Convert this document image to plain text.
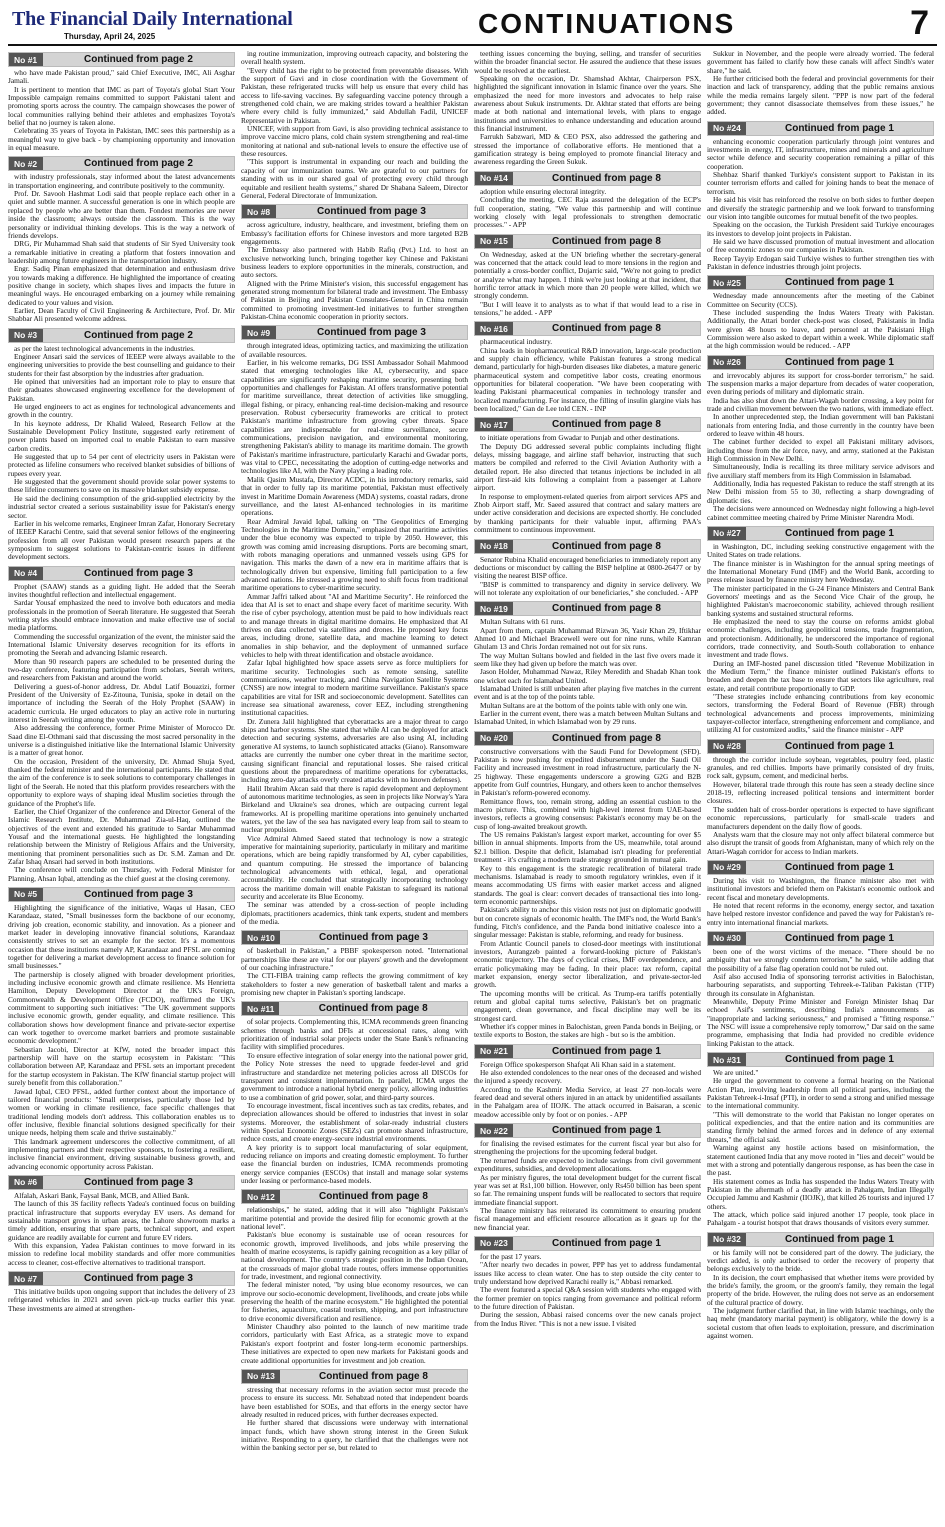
The Financial Daily International
Thursday, April 24, 2025	CONTINUATIONS	7
No #1	Continued from page 2

who have made Pakistan proud," said Chief Executive, IMC, Ali Asghar Jamali.

It is pertinent to mention that IMC as part of Toyota's global Start Your Impossible campaign remains committed to support Pakistani talent and promoting sports across the country. The campaign showcases the power of local communities rallying behind their athletes and emphasizes Toyota's belief that no journey is taken alone.

Celebrating 35 years of Toyota in Pakistan, IMC sees this partnership as a meaningful way to give back - by championing opportunity and innovation in equal measure.

No #2	Continued from page 2

with industry professionals, stay informed about the latest advancements in transportation engineering, and contribute positively to the community.

Prof. Dr. Savooh Hashmat Lodi said that people replace each other in a quiet and subtle manner. A successful generation is one in which people are replaced by people who are better than them. Fondest memories are never inside the classroom; always outside the classroom. This is the way personality or individual thinking develops. This is the way a network of friends develops.

DRG, Pir Muhammad Shah said that students of Sir Syed University took a remarkable initiative in creating a platform that fosters innovation and leadership among future engineers in the transportation industry.

Engr. Sadiq Pinan emphasized that determination and enthusiasm drive you towards making a difference. He highlighted the importance of creating positive change in society, which shapes lives and impacts the future in meaningful ways. He encouraged embarking on a journey while remaining dedicated to your values and vision.

Earlier, Dean Faculty of Civil Engineering & Architecture, Prof. Dr. Mir Shabbar Ali presented welcome address.

No #3	Continued from page 2

as per the latest technological advancements in the industries.

Engineer Ansari said the services of IEEEP were always available to the engineering universities to provide the best counselling and guidance to their students for their fast absorption by the industries after graduation.

He opined that universities had an important role to play to ensure that their graduates showcased engineering excellence for the development of Pakistan.

He urged engineers to act as engines for technological advancements and growth in the country.

In his keynote address, Dr Khalid Waleed, Research Fellow at the Sustainable Development Policy Institute, suggested early retirement of power plants based on imported coal to enable Pakistan to earn massive carbon credits.

He suggested that up to 54 per cent of electricity users in Pakistan were protected as lifeline consumers who received blanket subsidies of billions of rupees every year.

He suggested that the government should provide solar power systems to these lifeline consumers to save on its massive blanket subsidy expense.

He said the declining consumption of the grid-supplied electricity by the industrial sector created a serious sustainability issue for Pakistan's energy sector.

Earlier in his welcome remarks, Engineer Imran Zafar, Honorary Secretary of IEEEP Karachi Centre, said that several senior fellows of the engineering profession from all over Pakistan would present research papers at the symposium to suggest solutions to Pakistan-centric issues in different development sectors.

No #4	Continued from page 3

Prophet (SAAW) stands as a guiding light. He added that the Seerah invites thoughtful reflection and intellectual engagement.

Sardar Yousaf emphasized the need to involve both educators and media professionals in the promotion of Seerah literature. He suggested that Seerah writing styles should embrace innovation and make effective use of social media platforms.

Commending the successful organization of the event, the minister said the International Islamic University deserves recognition for its efforts in promoting the Seerah and advancing Islamic research.

More than 90 research papers are scheduled to be presented during the two-day conference, featuring participation from scholars, Seerah writers, and researchers from Pakistan and around the world.

Delivering a guest-of-honor address, Dr. Abdul Latif Bouazizi, former President of the University of Ez-Zitouna, Tunisia, spoke in detail on the importance of including the Seerah of the Holy Prophet (SAAW) in academic curricula. He urged educators to play an active role in nurturing interest in Seerah writing among the youth.

Also addressing the conference, former Prime Minister of Morocco Dr. Saad dine El-Othmani said that discussing the most sacred personality in the universe is a distinguished initiative like the International Islamic University is a matter of great honor.

On the occasion, President of the university, Dr. Ahmad Shuja Syed, thanked the federal minister and the international participants. He stated that the aim of the conference is to seek solutions to contemporary challenges in light of the Seerah. He noted that this platform provides researchers with the opportunity to explore ways of shaping ideal Muslim societies through the guidance of the Prophet's life.

Earlier, the Chief Organizer of the conference and Director General of the Islamic Research Institute, Dr. Muhammad Zia-ul-Haq, outlined the objectives of the event and extended his gratitude to Sardar Muhammad Yousaf and the international guests. He highlighted the longstanding relationship between the Ministry of Religious Affairs and the University, mentioning that prominent personalities such as Dr. S.M. Zaman and Dr. Zafar Ishaq Ansari had served in both institutions.

The conference will conclude on Thursday, with Federal Minister for Planning, Ahsan Iqbal, attending as the chief guest at the closing ceremony.

No #5	Continued from page 3

Highlighting the significance of the initiative, Waqas ul Hasan, CEO Karandaaz, stated, "Small businesses form the backbone of our economy, driving job creation, economic stability, and innovation. As a pioneer and market leader in developing innovative financial solutions, Karandaaz consistently strives to set an example for the sector. It's a momentous occasion that these institutions namely AP, Karandaaz and PFSL are coming together for delivering a market development access to finance solution for small businesses."

The partnership is closely aligned with broader development priorities, including inclusive economic growth and climate resilience. Ms Henrietta Hamilton, Deputy Development Director at the UK's Foreign, Commonwealth & Development Office (FCDO), reaffirmed the UK's commitment to supporting such initiatives: "The UK government supports inclusive economic growth, gender equality, and climate resilience. This collaboration shows how development finance and private-sector expertise can work together to overcome market barriers and promote sustainable economic development."

Sebastian Jacobi, Director at KfW, noted the broader impact this partnership will have on the startup ecosystem in Pakistan: "This collaboration between AP, Karandaaz and PFSL sets an important precedent for the startup ecosystem in Pakistan. The KfW financial startup project will surely benefit from this collaboration."

Jawad Iqbal, CEO PFSL, added further context about the importance of tailored financial products: "Small enterprises, particularly those led by women or working in climate resilience, face specific challenges that traditional lending models don't address. This collaboration enables us to offer inclusive, flexible financial solutions designed specifically for their unique needs, helping them scale and thrive sustainably."

This landmark agreement underscores the collective commitment, of all implementing partners and their respective sponsors, to fostering a resilient, inclusive financial environment, driving sustainable business growth, and advancing economic opportunity across Pakistan.

No #6	Continued from page 3

Alfalah, Askari Bank, Faysal Bank, MCB, and Allied Bank.

The launch of this 3S facility reflects Yadea's continued focus on building practical infrastructure that supports everyday EV users. As demand for sustainable transport grows in urban areas, the Lahore showroom marks a timely addition, ensuring that spare parts, technical support, and expert guidance are readily available for current and future EV riders.

With this expansion, Yadea Pakistan continues to move forward in its mission to redefine local mobility standards and offer more communities access to cleaner, cost-effective alternatives to traditional transport.

No #7	Continued from page 3

This initiative builds upon ongoing support that includes the delivery of 23 refrigerated vehicles in 2021 and seven pick-up trucks earlier this year. These investments are aimed at strengthen-

ing routine immunization, improving outreach capacity, and bolstering the overall health system.

"Every child has the right to be protected from preventable diseases. With the support of Gavi and in close coordination with the Government of Pakistan, these refrigerated trucks will help us ensure that every child has access to life-saving vaccines. By safeguarding vaccine potency through a strengthened cold chain, we are making strides toward a healthier Pakistan where every child is fully immunized," said Abdullah Fadil, UNICEF Representative in Pakistan.

UNICEF, with support from Gavi, is also providing technical assistance to improve vaccine micro plans, cold chain system strengthening and real-time monitoring at national and sub-national levels to ensure the effective use of these resources.

"This support is instrumental in expanding our reach and building the capacity of our immunization teams. We are grateful to our partners for standing with us in our shared goal of protecting every child through equitable and resilient health systems," shared Dr Shabana Saleem, Director General, Federal Directorate of Immunization.

No #8	Continued from page 3

across agriculture, industry, healthcare, and investment, briefing them on Embassy's facilitation efforts for Chinese investors and more targeted B2B engagements.

The Embassy also partnered with Habib Rafiq (Pvt.) Ltd. to host an exclusive networking lunch, bringing together key Chinese and Pakistani business leaders to explore opportunities in the minerals, construction, and auto sectors.

Aligned with the Prime Minister's vision, this successful engagement has generated strong momentum for bilateral trade and investment. The Embassy of Pakistan in Beijing and Pakistan Consulates-General in China remain committed to promoting investment-led initiatives to further strengthen Pakistan-China economic cooperation in priority sectors.

No #9	Continued from page 3

through integrated ideas, optimizing tactics, and maximizing the utilization of available resources.

Earlier, in his welcome remarks, DG ISSI Ambassador Sohail Mahmood stated that emerging technologies like AI, cybersecurity, and space capabilities are significantly reshaping maritime security, presenting both opportunities and challenges for Pakistan. AI offers transformative potential for maritime surveillance, threat detection of activities like smuggling, illegal fishing, or piracy, enhancing real-time decision-making and resource preservation. Robust cybersecurity frameworks are critical to protect Pakistan's maritime infrastructure from growing cyber threats. Space capabilities are indispensable for real-time surveillance, secure communications, precision navigation, and environmental monitoring, strengthening Pakistan's ability to manage its maritime domain. The growth of Pakistan's maritime infrastructure, particularly Karachi and Gwadar ports, was vital to CPEC, necessitating the adoption of cutting-edge networks and technologies like AI, with the Navy playing a leading role.

Malik Qasim Mustafa, Director ACDC, in his introductory remarks, said that in order to fully tap its maritime potential, Pakistan must effectively invest in Maritime Domain Awareness (MDA) systems, coastal radars, drone surveillance, and the latest AI-enhanced technologies in its maritime operations.

Rear Admiral Javaid Iqbal, talking on "The Geopolitics of Emerging Technologies in the Maritime Domain," emphasized that maritime activities under the blue economy was expected to triple by 2050. However, this growth was coming amid increasing disruptions. Ports are becoming smart, with robots managing operations and unmanned vessels using GPS for navigation. This marks the dawn of a new era in maritime affairs that is technologically driven but expensive, limiting full participation to a few advanced nations. He stressed a growing need to shift focus from traditional maritime operations to cyber-maritime security.

Ammar Jaffri talked about "AI and Maritime Security". He reinforced the idea that AI is set to enact and shape every facet of maritime security. With the rise of cyber psychology, attention must be paid to how individuals react to and manage threats in digital maritime domains. He emphasized that AI thrives on data collected via satellites and drones. He proposed key focus areas, including drone, satellite data, and machine learning to detect anomalies in ship behavior, and the deployment of unmanned surface vehicles to help with threat identification and obstacle avoidance.

Zafar Iqbal highlighted how space assets serve as force multipliers for maritime security. Technologies such as remote sensing, satellite communications, weather tracking, and China Navigation Satellite Systems (CNSS) are now integral to modern maritime surveillance. Pakistan's space capabilities are vital for ISR and socioeconomic development. Satellites can increase sea situational awareness, cover EEZ, including strengthening institutional capacities.

Dr. Zunera Jalil highlighted that cyberattacks are a major threat to cargo ships and harbor systems. She stated that while AI can be deployed for attack detection and securing systems, adversaries are also using AI, including generative AI systems, to launch sophisticated attacks (Giano). Ransomware attacks are currently the number one cyber threat in the maritime sector, causing significant financial and reputational losses. She raised critical questions about the preparedness of maritime operations for cyberattacks, including zero-day attacks overly created attacks with no known defenses).

Halil Ibrahim Akcan said that there is rapid development and deployment of autonomous maritime technologies, as seen in projects like Norway's Yara Birkeland and Ukraine's sea drones, which are outpacing current legal frameworks. AI is propelling maritime operations into genuinely uncharted waters, yet the law of the sea has navigated every leap from sail to steam to nuclear propulsion.

Vice Admiral Ahmed Saeed stated that technology is now a strategic imperative for maintaining superiority, particularly in military and maritime operations, which are being rapidly transformed by AI, cyber capabilities, and quantum computing. He stressed the importance of balancing technological advancements with ethical, legal, and operational accountability. He concluded that strategically incorporating technology across the maritime domain will enable Pakistan to safeguard its national security and accelerate its Blue Economy.

The seminar was attended by a cross-section of people including diplomats, practitioners academics, think tank experts, student and members of the media.

No #10	Continued from page 3

of basketball in Pakistan," a PBBF spokesperson noted. "International partnerships like these are vital for our players' growth and the development of our coaching infrastructure."

The CTI-FIBA training camp reflects the growing commitment of key stakeholders to foster a new generation of basketball talent and marks a promising new chapter in Pakistan's sporting landscape.

No #11	Continued from page 8

of solar projects. Complementing this, ICMA recommends green financing schemes through banks and DFIs at concessional rates, along with prioritization of industrial solar projects under the State Bank's refinancing facility with simplified procedures.

To ensure effective integration of solar energy into the national power grid, the Policy Note stresses the need to upgrade feeder-level and grid infrastructure and standardize net metering policies across all DISCOs for transparent and consistent implementation. In parallel, ICMA urges the government to introduce a national hybrid energy policy, allowing industries to use a combination of grid power, solar, and third-party sources.

To encourage investment, fiscal incentives such as tax credits, rebates, and depreciation allowances should be offered to industries that invest in solar systems. Moreover, the establishment of solar-ready industrial clusters within Special Economic Zones (SEZs) can promote shared infrastructure, reduce costs, and create energy-secure industrial environments.

A key priority is to support local manufacturing of solar equipment, reducing reliance on imports and creating domestic employment. To further ease the financial burden on industries, ICMA recommends promoting energy service companies (ESCOs) that install and manage solar systems under leasing or performance-based models.

No #12	Continued from page 8

relationships," he stated, adding that it will also "highlight Pakistan's maritime potential and provide the desired filip for economic growth at the national level".

Pakistan's blue economy is sustainable use of ocean resources for economic growth, improved livelihoods, and jobs while preserving the health of marine ecosystems, is rapidly gaining recognition as a key pillar of national development. The country's strategic position in the Indian Ocean, at the crossroads of major global trade routes, offers immense opportunities for trade, investment, and regional connectivity.

The federal minister noted, "by using blue economy resources, we can improve our socio-economic development, livelihoods, and create jobs while preserving the health of the marine ecosystem." He highlighted the potential for fisheries, aquaculture, coastal tourism, shipping, and port infrastructure to drive economic diversification and resilience.

Minister Chaudhry also pointed to the launch of new maritime trade corridors, particularly with East Africa, as a strategic move to expand Pakistan's export footprint and foster long-term economic partnerships. These initiatives are expected to open new markets for Pakistani goods and create additional opportunities for investment and job creation.

No #13	Continued from page 8

stressing that necessary reforms in the aviation sector must precede the process to ensure its success. Mr. Sehabzad noted that independent boards have been established for SOEs, and that efforts in the energy sector have already resulted in reduced prices, with further decreases expected.

He further shared that discussions were underway with international impact funds, which have shown strong interest in the Green Sukuk initiative. Responding to a query, he clarified that the challenges were not within the banking sector per se, but related to

teething issues concerning the buying, selling, and transfer of securities within the broader financial sector. He assured the audience that these issues would be resolved at the earliest.

Speaking on the occasion, Dr. Shamshad Akhtar, Chairperson PSX, highlighted the significant innovation in Islamic finance over the years. She emphasized the need for more investors and advocates to help raise awareness about Sukuk instruments. Dr. Akhtar stated that efforts are being made at both national and international levels, with plans to engage institutions and universities to enhance understanding and education around this financial instrument.

Farrukh Sabzwari, MD & CEO PSX, also addressed the gathering and stressed the importance of collaborative efforts. He mentioned that a gamification strategy is being employed to promote financial literacy and awareness regarding the Green Sukuk.

No #14	Continued from page 8

adoption while ensuring electoral integrity.

Concluding the meeting, CEC Raja assured the delegation of the ECP's full cooperation, stating, "We value this partnership and will continue working closely with legal professionals to strengthen democratic processes." - APP

No #15	Continued from page 8

On Wednesday, asked at the UN briefing whether the secretary-general was concerned that the attack could lead to more tensions in the region and potentially a cross-border conflict, Dujarric said, "We're not going to predict or analyze what may happen. I think we're just looking at that incident, that horrific terror attack in which more than 20 people were killed, which we strongly condemn.

"But I will leave it to analysts as to what if that would lead to a rise in tensions," he added. - APP

No #16	Continued from page 8

pharmaceutical industry.

China leads in biopharmaceutical R&D innovation, large-scale production and supply chain efficiency, while Pakistan features a strong medical demand, particularly for high-burden diseases like diabetes, a mature generic pharmaceutical system and competitive labor costs, creating enormous opportunities for bilateral cooperation. "We have been cooperating with leading Pakistani pharmaceutical companies in technology transfer and localized manufacturing. For instance, the filling of insulin glargine vials has been localized," Gan de Lee told CEN. - INP

No #17	Continued from page 8

to initiate operations from Gwadar to Punjab and other destinations.

The Deputy DG addressed several public complaints including flight delays, missing baggage, and airline staff behavior, instructing that such matters be compiled and referred to the Civil Aviation Authority with a detailed report. He also directed that tetanus injections be included in all airport first-aid kits following a complaint from a passenger at Lahore airport.

In response to employment-related queries from airport services APS and Zhob Airport staff, Mr. Saeed assured that contract and salary matters are under active consideration and decisions are expected shortly. He concluded by thanking participants for their valuable input, affirming PAA's commitment to continuous improvement.

No #18	Continued from page 8

Senator Rubina Khalid encouraged beneficiaries to immediately report any deductions or misconduct by calling the BISP helpline at 0800-26477 or by visiting the nearest BISP office.

"BISP is committed to transparency and dignity in service delivery. We will not tolerate any exploitation of our beneficiaries," she concluded. - APP

No #19	Continued from page 8

Multan Sultans with 61 runs.

Apart from them, captain Muhammad Rizwan 36, Yasir Khan 29, Iftikhar Ahmed 10 and Michael Bracewell were out for nine runs, while Kamran Ghulam 13 and Chris Jordan remained not out for six runs.

The way Multan Sultans bowled and fielded in the last five overs made it seem like they had given up before the match was over.

Jason Holder, Muhammad Nawaz, Riley Meredith and Shadab Khan took one wicket each for Islamabad United.

Islamabad United is still unbeaten after playing five matches in the current event and is at the top of the points table.

Multan Sultans are at the bottom of the points table with only one win.

Earlier in the current event, there was a match between Multan Sultans and Islamabad United, in which Islamabad won by 29 runs.

No #20	Continued from page 8

constructive conversations with the Saudi Fund for Development (SFD). Pakistan is now pushing for expedited disbursement under the Saudi Oil Facility and increased investment in road infrastructure, particularly the N-25 highway. These engagements underscore a growing G2G and B2B appetite from Gulf countries, Hungary, and others keen to anchor themselves in Pakistan's reform-powered economy.

Remittance flows, too, remain strong, adding an essential cushion to the macro picture. This, combined with high-level interest from UAE-based investors, reflects a growing consensus: Pakistan's economy may be on the cusp of long-awaited breakout growth.

The US remains Pakistan's largest export market, accounting for over $5 billion in annual shipments. Imports from the US, meanwhile, total around $2.1 billion. Despite that deficit, Islamabad isn't pleading for preferential treatment - it's crafting a modern trade strategy grounded in mutual gain.

Key to this engagement is the strategic recalibration of bilateral trade mechanisms. Islamabad is ready to smooth regulatory wrinkles, even if it means accommodating US firms with easier market access and aligned standards. The goal is clear: convert decades of transactional ties into long-term economic partnerships.

Pakistan's ability to anchor this vision rests not just on diplomatic goodwill but on concrete signals of economic health. The IMF's nod, the World Bank's funding, Fitch's confidence, and the Panda bond initiative coalesce into a singular message: Pakistan is stable, reforming, and ready for business.

From Atlantic Council panels to closed-door meetings with institutional investors, Aurangzeb painted a forward-looking picture of Pakistan's economic trajectory. The days of cyclical crises, IMF overdependence, and erratic policymaking may be fading. In their place: tax reform, capital market expansion, energy sector liberalization, and private-sector-led growth.

The upcoming months will be critical. As Trump-era tariffs potentially return and global capital turns selective, Pakistan's bet on pragmatic engagement, clean governance, and fiscal discipline may well be its strongest card.

Whether it's copper mines in Balochistan, green Panda bonds in Beijing, or textile exports to Boston, the stakes are high - but so is the ambition.

No #21	Continued from page 1

Foreign Office spokesperson Shafqat Ali Khan said in a statement.

He also extended condolences to the near ones of the deceased and wished the injured a speedy recovery.

According to the Kashmir Media Service, at least 27 non-locals were feared dead and several others injured in an attack by unidentified assailants in the Pahalgam area of IIOJK. The attack occurred in Baisaran, a scenic meadow accessible only by foot or on ponies. - APP

No #22	Continued from page 1

for finalising the revised estimates for the current fiscal year but also for strengthening the projections for the upcoming federal budget.

The returned funds are expected to include savings from civil government expenditures, subsidies, and development allocations.

As per ministry figures, the total development budget for the current fiscal year was set at Rs1,100 billion. However, only Rs450 billion has been spent so far. The remaining unspent funds will be reallocated to sectors that require immediate financial support.

The finance ministry has reiterated its commitment to ensuring prudent fiscal management and efficient resource allocation as it gears up for the new financial year.

No #23	Continued from page 1

for the past 17 years.

"After nearly two decades in power, PPP has yet to address fundamental issues like access to clean water. One has to step outside the city center to truly understand how deprived Karachi really is," Abbasi remarked.

The event featured a special Q&A session with students who engaged with the former premier on topics ranging from governance and political reform to the future direction of Pakistan.

During the session, Abbasi raised concerns over the new canals project from the Indus River. "This is not a new issue. I visited

Sukkur in November, and the people were already worried. The federal government has failed to clarify how these canals will affect Sindh's water share," he said.

He further criticised both the federal and provincial governments for their inaction and lack of transparency, adding that the public remains anxious while the media remains largely silent. "PPP is now part of the federal government; they cannot disassociate themselves from these issues," he added.

No #24	Continued from page 1

enhancing economic cooperation particularly through joint ventures and investments in energy, IT, infrastructure, mines and minerals and agriculture sector while defence and security cooperation remaining a pillar of this cooperation.

Shehbaz Sharif thanked Turkiye's consistent support to Pakistan in its counter terrorism efforts and called for joining hands to beat the menace of terrorism.

He said his visit has reinforced the resolve on both sides to further deepen and diversify the strategic partnership and we look forward to transforming our vision into tangible outcomes for mutual benefit of the two peoples.

Speaking on the occasion, the Turkish President said Turkiye encourages its investors to develop joint projects in Pakistan.

He said we have discussed promotion of mutual investment and allocation of free economic zones to our companies in Pakistan.

Recep Tayyip Erdogan said Turkiye wishes to further strengthen ties with Pakistan in defence industries through joint projects.

No #25	Continued from page 1

Wednesday made announcements after the meeting of the Cabinet Committee on Security (CCS).

These included suspending the Indus Waters Treaty with Pakistan. Additionally, the Attari border check-post was closed, Pakistanis in India were given 48 hours to leave, and personnel at the Pakistani High Commission were also asked to depart within a week. While diplomatic staff at the high commission would be reduced. - APP

No #26	Continued from page 1

and irrevocably abjures its support for cross-border terrorism," he said. The suspension marks a major departure from decades of water cooperation, even during periods of military and diplomatic strain.

India has also shut down the Attari-Wagah border crossing, a key point for trade and civilian movement between the two nations, with immediate effect.

In another unprecedented step, the Indian government will ban Pakistani nationals from entering India, and those currently in the country have been ordered to leave within 48 hours.

The cabinet further decided to expel all Pakistani military advisors, including those from the air force, navy, and army, stationed at the Pakistan High Commission in New Delhi.

Simultaneously, India is recalling its three military service advisors and five auxiliary staff members from its High Commission in Islamabad.

Additionally, India has requested Pakistan to reduce the staff strength at its New Delhi mission from 55 to 30, reflecting a sharp downgrading of diplomatic ties.

The decisions were announced on Wednesday night following a high-level cabinet committee meeting chaired by Prime Minister Narendra Modi.

No #27	Continued from page 1

in Washington, DC, including seeking constructive engagement with the United States on trade relations.

The finance minister is in Washington for the annual spring meetings of the International Monetary Fund (IMF) and the World Bank, according to press release issued by finance ministry here Wednesday.

The minister participated in the G-24 Finance Ministers and Central Bank Governors' meetings and as the Second Vice Chair of the group, he highlighted Pakistan's macroeconomic stability, achieved through resilient banking systems and sustained structural reforms.

He emphasized the need to stay the course on reforms amidst global economic challenges, including geopolitical tensions, trade fragmentation, and protectionism. Additionally, he underscored the importance of regional corridors, trade connectivity, and South-South collaboration to enhance investment and trade flows.

During an IMF-hosted panel discussion titled "Revenue Mobilization in the Medium Term," the finance minister outlined Pakistan's efforts to broaden and deepen the tax base to ensure that sectors like agriculture, real estate, and retail contribute proportionally to GDP.

"These strategies include enhancing contributions from key economic sectors, transforming the Federal Board of Revenue (FBR) through technological advancements and process improvements, minimizing taxpayer-collector interface, strengthening enforcement and compliance, and utilizing AI for customized audits," said the finance minister - APP

No #28	Continued from page 1

through the corridor include soybean, vegetables, poultry feed, plastic granules, and red chillies. Imports have primarily consisted of dry fruits, rock salt, gypsum, cement, and medicinal herbs.

However, bilateral trade through this route has seen a steady decline since 2018-19, reflecting increased political tensions and intermittent border closures.

The sudden halt of cross-border operations is expected to have significant economic repercussions, particularly for small-scale traders and manufacturers dependent on the daily flow of goods.

Analysts warn that the closure may not only affect bilateral commerce but also disrupt the transit of goods from Afghanistan, many of which rely on the Attari-Wagah corridor for access to Indian markets.

No #29	Continued from page 1

During his visit to Washington, the finance minister also met with institutional investors and briefed them on Pakistan's economic outlook and recent fiscal and monetary developments.

He noted that recent reforms in the economy, energy sector, and taxation have helped restore investor confidence and paved the way for Pakistan's re-entry into international financial markets.

No #30	Continued from page 1

been one of the worst victims of the menace. "There should be no ambiguity that we strongly condemn terrorism," he said, while adding that the possibility of a false flag operation could not be ruled out.

Asif also accused India of sponsoring terrorist activities in Balochistan, harbouring separatists, and supporting Tehreek-e-Taliban Pakistan (TTP) through its consulate in Afghanistan.

Meanwhile, Deputy Prime Minister and Foreign Minister Ishaq Dar echoed Asif's sentiments, describing India's announcements as "inappropriate and lacking seriousness," and promised a "fitting response." The NSC will issue a comprehensive reply tomorrow," Dar said on the same programme, emphasising that India had provided no credible evidence linking Pakistan to the attack.

No #31	Continued from page 1

We are united."

He urged the government to convene a formal hearing on the National Action Plan, involving leadership from all political parties, including the Pakistan Tehreek-i-Insaf (PTI), in order to send a strong and unified message to the international community.

"This will demonstrate to the world that Pakistan no longer operates on political expediencies, and that the entire nation and its communities are standing firmly behind the armed forces and in defence of any external threats," the official said.

Warning against any hostile actions based on misinformation, the statement cautioned India that any move rooted in "lies and deceit" would be met with a strong and potentially dangerous response, as has been the case in the past.

His statement comes as India has suspended the Indus Waters Treaty with Pakistan in the aftermath of a deadly attack in Pahalgam, Indian Illegally Occupied Jammu and Kashmir (IIOJK), that killed 26 tourists and injured 17 others.

The attack, which police said injured another 17 people, took place in Pahalgam - a tourist hotspot that draws thousands of visitors every summer.

No #32	Continued from page 1

or his family will not be considered part of the dowry. The judiciary, the verdict added, is only authorised to order the recovery of property that belongs exclusively to the bride.

In its decision, the court emphasised that whether items were provided by the bride's family, the groom, or the groom's family, they remain the legal property of the bride. However, the ruling does not serve as an endorsement of the cultural practice of dowry.

The judgment further clarified that, in line with Islamic teachings, only the haq mehr (mandatory marital payment) is obligatory, while the dowry is a societal custom that often leads to exploitation, pressure, and discrimination against women.
